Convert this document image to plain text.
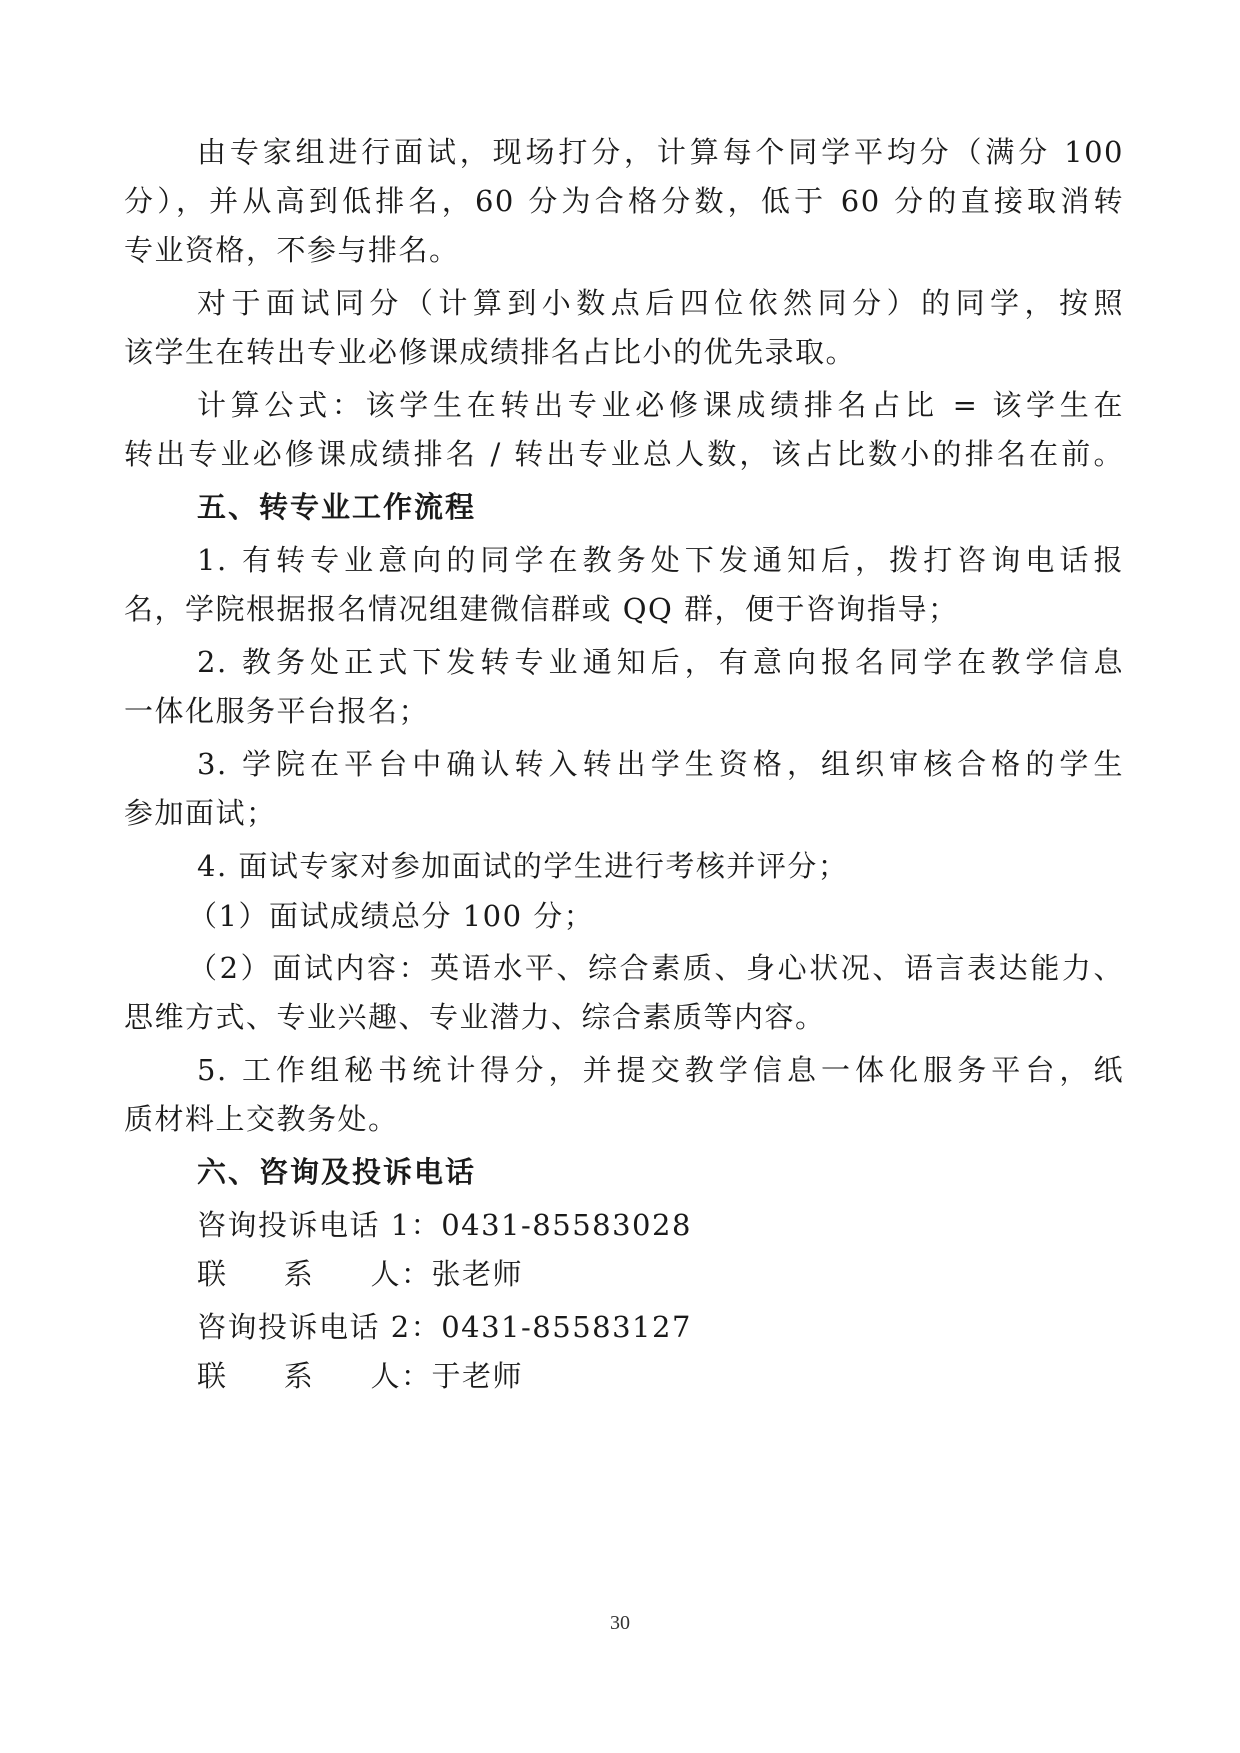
由专家组进行面试，现场打分，计算每个同学平均分（满分 100
分），并从高到低排名，60 分为合格分数，低于 60 分的直接取消转
专业资格，不参与排名。
对于面试同分（计算到小数点后四位依然同分）的同学，按照
该学生在转出专业必修课成绩排名占比小的优先录取。
计算公式：该学生在转出专业必修课成绩排名占比 = 该学生在
转出专业必修课成绩排名 / 转出专业总人数，该占比数小的排名在前。
五、转专业工作流程
1. 有转专业意向的同学在教务处下发通知后，拨打咨询电话报
名，学院根据报名情况组建微信群或 QQ 群，便于咨询指导；
2. 教务处正式下发转专业通知后，有意向报名同学在教学信息
一体化服务平台报名；
3. 学院在平台中确认转入转出学生资格，组织审核合格的学生
参加面试；
4. 面试专家对参加面试的学生进行考核并评分；
（1）面试成绩总分 100 分；
（2）面试内容：英语水平、综合素质、身心状况、语言表达能力、
思维方式、专业兴趣、专业潜力、综合素质等内容。
5. 工作组秘书统计得分，并提交教学信息一体化服务平台，纸
质材料上交教务处。
六、咨询及投诉电话
咨询投诉电话 1：0431-85583028
联系人：张老师
咨询投诉电话 2：0431-85583127
联系人：于老师
30
